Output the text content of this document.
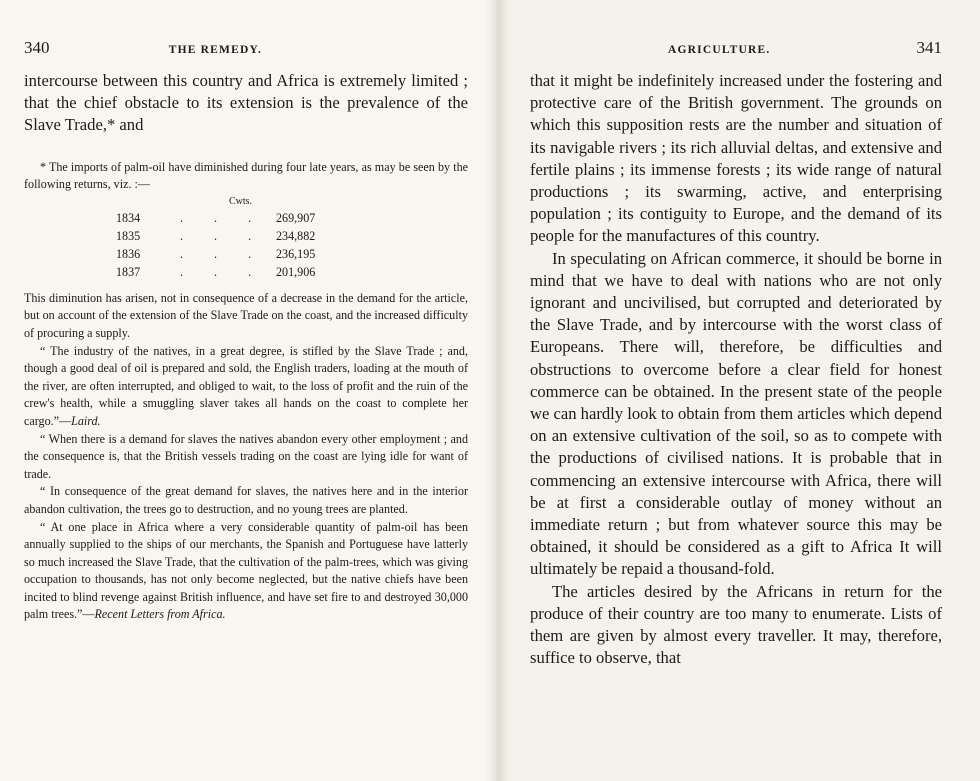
340	THE REMEDY.

intercourse between this country and Africa is extremely limited ; that the chief obstacle to its extension is the prevalence of the Slave Trade,* and

* The imports of palm-oil have diminished during four late years, as may be seen by the following returns, viz. :—

Cwts.
1834	. . .	269,907
1835	. . .	234,882
1836	. . .	236,195
1837	. . .	201,906

This diminution has arisen, not in consequence of a decrease in the demand for the article, but on account of the extension of the Slave Trade on the coast, and the increased difficulty of procuring a supply.

“ The industry of the natives, in a great degree, is stifled by the Slave Trade ; and, though a good deal of oil is prepared and sold, the English traders, loading at the mouth of the river, are often interrupted, and obliged to wait, to the loss of profit and the ruin of the crew's health, while a smuggling slaver takes all hands on the coast to complete her cargo.”—Laird.

“ When there is a demand for slaves the natives abandon every other employment ; and the consequence is, that the British vessels trading on the coast are lying idle for want of trade.

“ In consequence of the great demand for slaves, the natives here and in the interior abandon cultivation, the trees go to destruction, and no young trees are planted.

“ At one place in Africa where a very considerable quantity of palm-oil has been annually supplied to the ships of our merchants, the Spanish and Portuguese have latterly so much increased the Slave Trade, that the cultivation of the palm-trees, which was giving occupation to thousands, has not only become neglected, but the native chiefs have been incited to blind revenge against British influence, and have set fire to and destroyed 30,000 palm trees.”—Recent Letters from Africa.

AGRICULTURE.	341

that it might be indefinitely increased under the fostering and protective care of the British government. The grounds on which this supposition rests are the number and situation of its navigable rivers ; its rich alluvial deltas, and extensive and fertile plains ; its immense forests ; its wide range of natural productions ; its swarming, active, and enterprising population ; its contiguity to Europe, and the demand of its people for the manufactures of this country.

In speculating on African commerce, it should be borne in mind that we have to deal with nations who are not only ignorant and uncivilised, but corrupted and deteriorated by the Slave Trade, and by intercourse with the worst class of Europeans. There will, therefore, be difficulties and obstructions to overcome before a clear field for honest commerce can be obtained. In the present state of the people we can hardly look to obtain from them articles which depend on an extensive cultivation of the soil, so as to compete with the productions of civilised nations. It is probable that in commencing an extensive intercourse with Africa, there will be at first a considerable outlay of money without an immediate return ; but from whatever source this may be obtained, it should be considered as a gift to Africa It will ultimately be repaid a thousand-fold.

The articles desired by the Africans in return for the produce of their country are too many to enumerate. Lists of them are given by almost every traveller. It may, therefore, suffice to observe, that
